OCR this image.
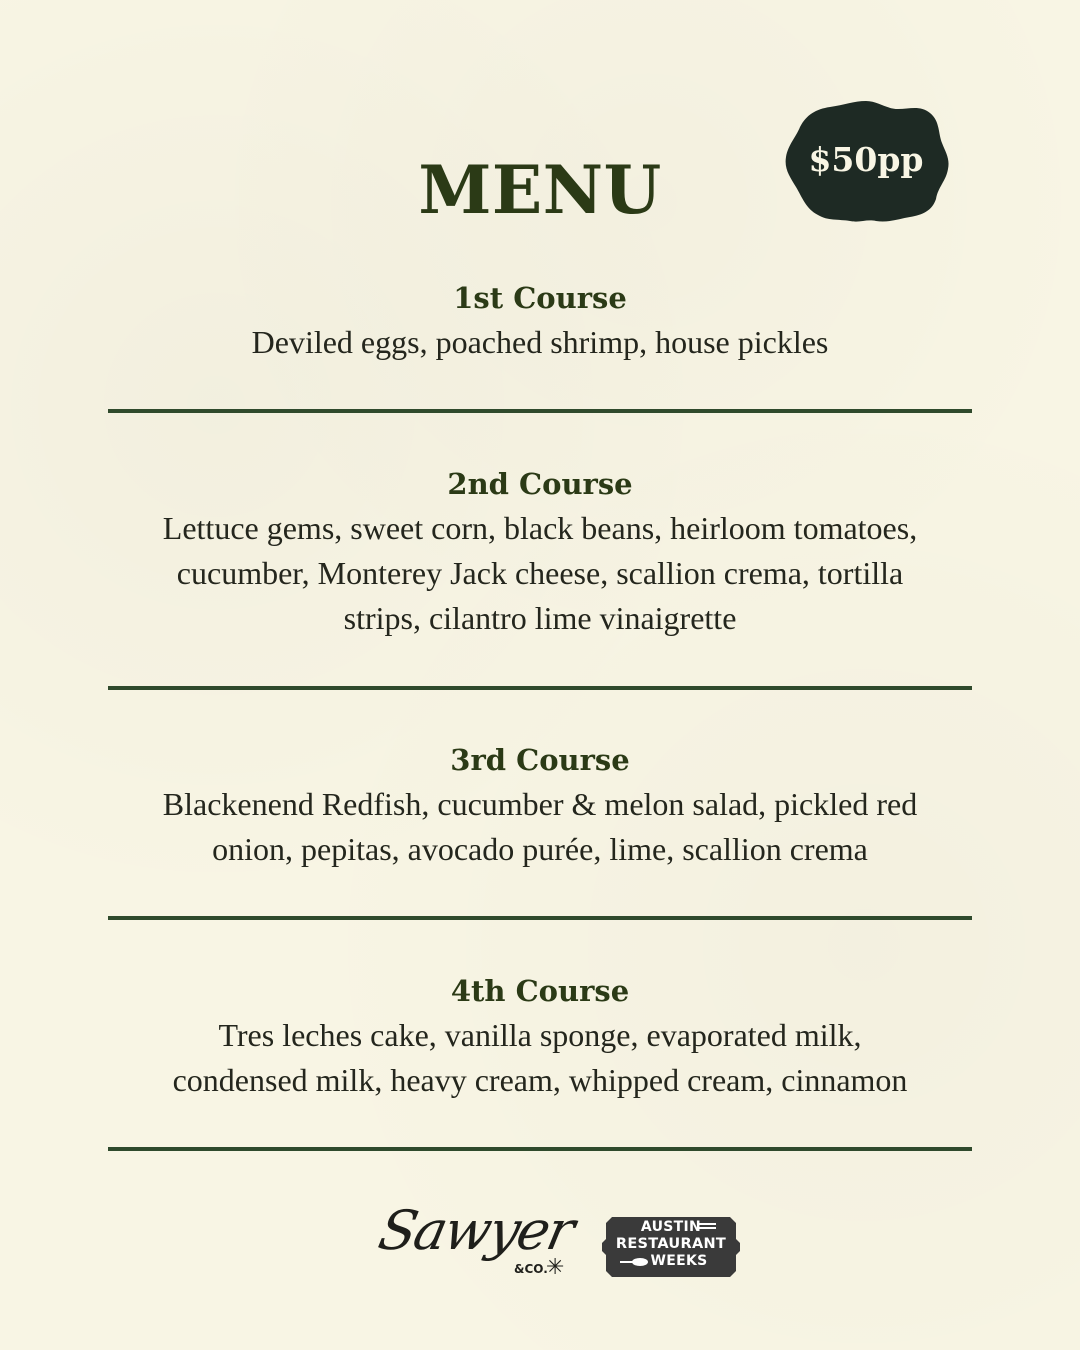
MENU	$50pp
1st Course
Deviled eggs, poached shrimp, house pickles
2nd Course
Lettuce gems, sweet corn, black beans, heirloom tomatoes,
cucumber, Monterey Jack cheese, scallion crema, tortilla
strips, cilantro lime vinaigrette
3rd Course
Blackenend Redfish, cucumber & melon salad, pickled red
onion, pepitas, avocado purée, lime, scallion crema
4th Course
Tres leches cake, vanilla sponge, evaporated milk,
condensed milk, heavy cream, whipped cream, cinnamon
Sawyer
&CO.
✳
AUSTIN
RESTAURANT
WEEKS
